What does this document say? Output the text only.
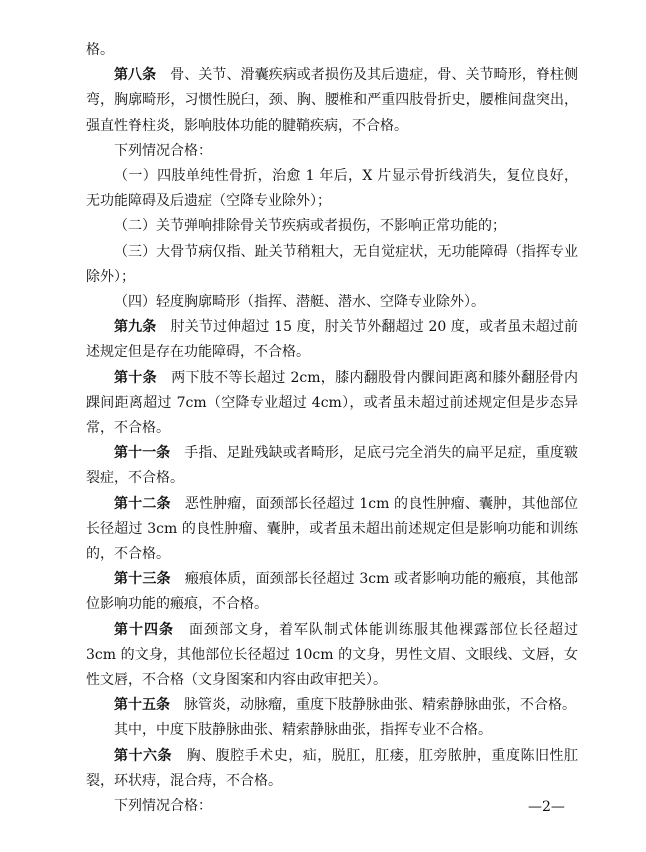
格。

第八条　骨、关节、滑囊疾病或者损伤及其后遗症，骨、关节畸形，脊柱侧弯，胸廓畸形，习惯性脱臼，颈、胸、腰椎和严重四肢骨折史，腰椎间盘突出，强直性脊柱炎，影响肢体功能的腱鞘疾病，不合格。

下列情况合格：

（一）四肢单纯性骨折，治愈 1 年后，X 片显示骨折线消失，复位良好，无功能障碍及后遗症（空降专业除外）；

（二）关节弹响排除骨关节疾病或者损伤，不影响正常功能的；

（三）大骨节病仅指、趾关节稍粗大，无自觉症状，无功能障碍（指挥专业除外）；

（四）轻度胸廓畸形（指挥、潜艇、潜水、空降专业除外）。

第九条　肘关节过伸超过 15 度，肘关节外翻超过 20 度，或者虽未超过前述规定但是存在功能障碍，不合格。

第十条　两下肢不等长超过 2cm，膝内翻股骨内髁间距离和膝外翻胫骨内踝间距离超过 7cm（空降专业超过 4cm），或者虽未超过前述规定但是步态异常，不合格。

第十一条　手指、足趾残缺或者畸形，足底弓完全消失的扁平足症，重度皲裂症，不合格。

第十二条　恶性肿瘤，面颈部长径超过 1cm 的良性肿瘤、囊肿，其他部位长径超过 3cm 的良性肿瘤、囊肿，或者虽未超出前述规定但是影响功能和训练的，不合格。

第十三条　瘢痕体质，面颈部长径超过 3cm 或者影响功能的瘢痕，其他部位影响功能的瘢痕，不合格。

第十四条　面颈部文身，着军队制式体能训练服其他裸露部位长径超过 3cm 的文身，其他部位长径超过 10cm 的文身，男性文眉、文眼线、文唇，女性文唇，不合格（文身图案和内容由政审把关）。

第十五条　脉管炎，动脉瘤，重度下肢静脉曲张、精索静脉曲张，不合格。

其中，中度下肢静脉曲张、精索静脉曲张，指挥专业不合格。

第十六条　胸、腹腔手术史，疝，脱肛，肛瘘，肛旁脓肿，重度陈旧性肛裂，环状痔，混合痔，不合格。

下列情况合格：	—2—
